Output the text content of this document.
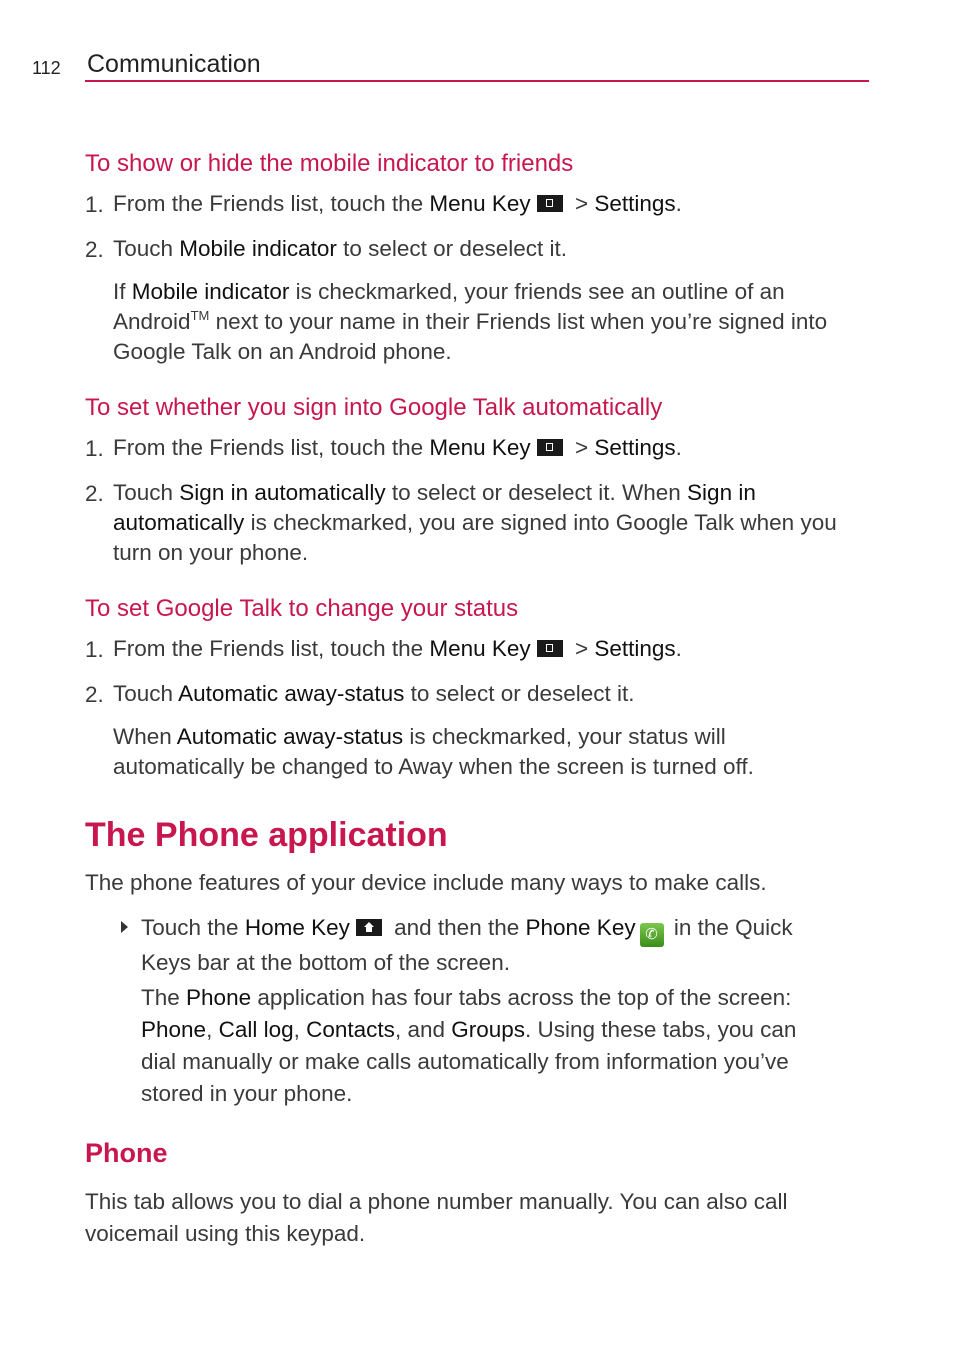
112 Communication
To show or hide the mobile indicator to friends
1. From the Friends list, touch the Menu Key
> Settings.
2. Touch Mobile indicator to select or deselect it.
If Mobile indicator is checkmarked, your friends see an outline of an
Android™ next to your name in their Friends list when you’re signed into
Google Talk on an Android phone.
To set whether you sign into Google Talk automatically
1. From the Friends list, touch the Menu Key
> Settings.
2. Touch Sign in automatically to select or deselect it. When Sign in
automatically is checkmarked, you are signed into Google Talk when you
turn on your phone.
To set Google Talk to change your status
1. From the Friends list, touch the Menu Key
> Settings.
2. Touch Automatic away-status to select or deselect it.
When Automatic away-status is checkmarked, your status will
automatically be changed to Away when the screen is turned off.
The Phone application
The phone features of your device include many ways to make calls.
Touch the Home Key
and then the Phone Key ✆ in the Quick
Keys bar at the bottom of the screen.
The Phone application has four tabs across the top of the screen:
Phone, Call log, Contacts, and Groups. Using these tabs, you can
dial manually or make calls automatically from information you’ve
stored in your phone.
Phone
This tab allows you to dial a phone number manually. You can also call voicemail using this keypad.
